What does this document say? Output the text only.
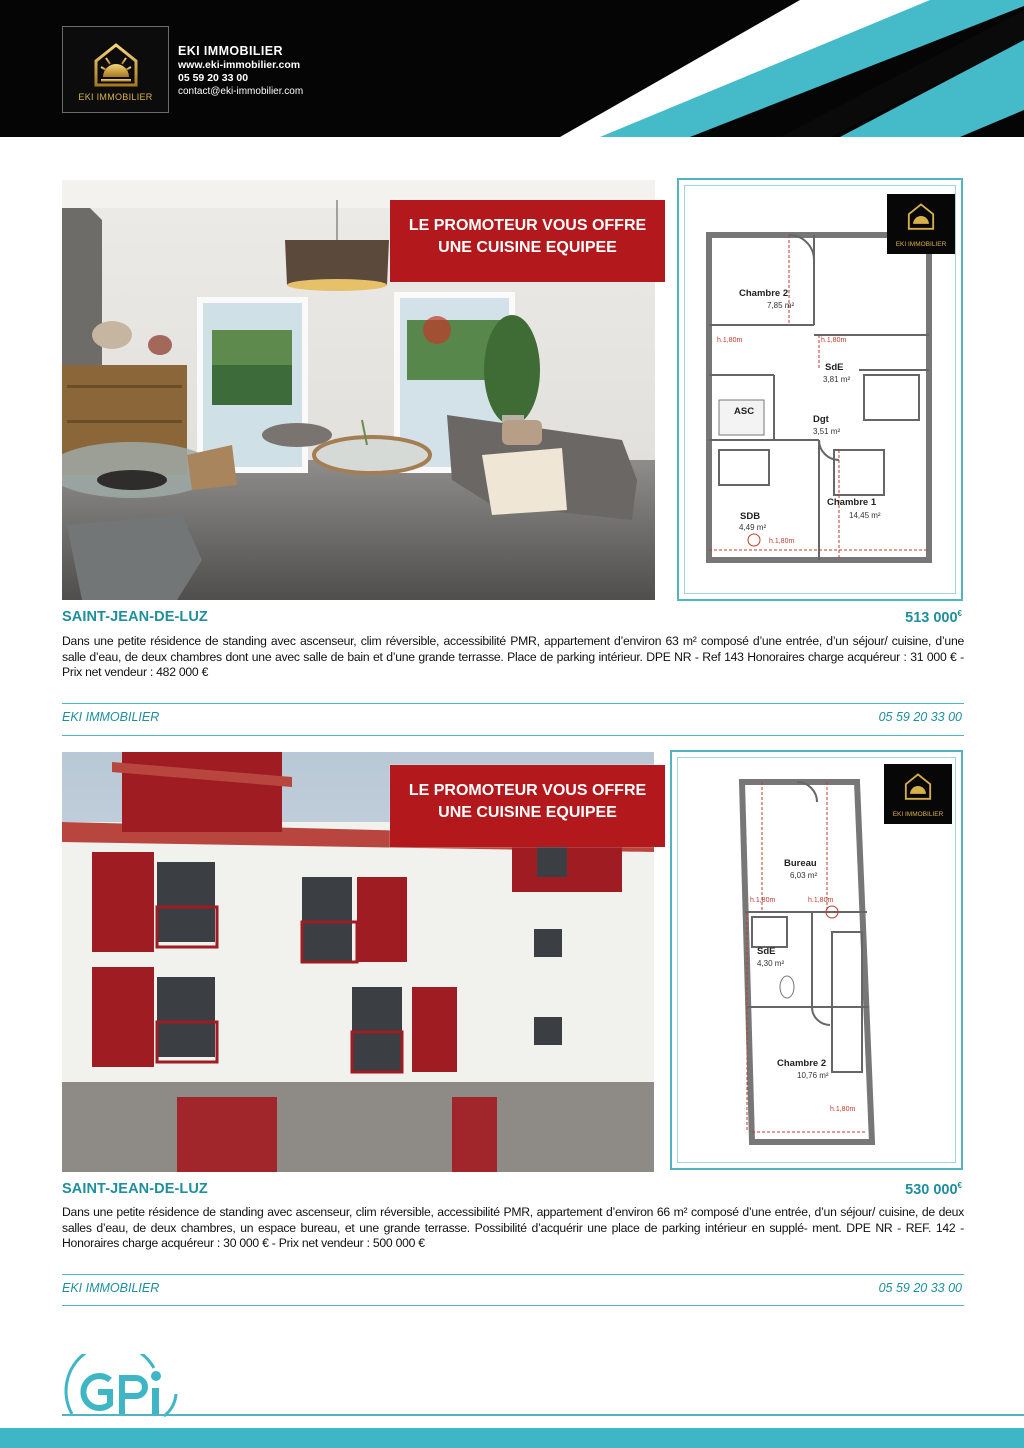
EKI IMMOBILIER
EKI IMMOBILIER
www.eki-immobilier.com
05 59 20 33 00
contact@eki-immobilier.com
LE PROMOTEUR VOUS OFFRE
UNE CUISINE EQUIPEE	EKI IMMOBILIER
Chambre 2
7,85 m²
SdE
3,81 m²
ASC
Dgt
3,51 m²
Chambre 1
14,45 m²
SDB
4,49 m²
h.1,80m	h.1,80m
h.1,80m
SAINT-JEAN-DE-LUZ	513 000€
Dans une petite résidence de standing avec ascenseur, clim réversible, accessibilité PMR, appartement d’environ 63 m² composé d’une entrée, d’un séjour/ cuisine, d’une salle d’eau, de deux chambres dont une avec salle de bain et d’une grande terrasse. Place de parking intérieur. DPE NR - Ref 143 Honoraires charge acquéreur : 31 000 € - Prix net vendeur : 482 000 €
EKI IMMOBILIER	05 59 20 33 00
LE PROMOTEUR VOUS OFFRE
UNE CUISINE EQUIPEE	EKI IMMOBILIER
Bureau
6,03 m²
SdE
4,30 m²
Chambre 2
10,76 m²
h.1,80m	h.1,80m
h.1,80m
SAINT-JEAN-DE-LUZ	530 000€
Dans une petite résidence de standing avec ascenseur, clim réversible, accessibilité PMR, appartement d’environ 66 m² composé d’une entrée, d’un séjour/ cuisine, de deux salles d’eau, de deux chambres, un espace bureau, et une grande terrasse. Possibilité d’acquérir une place de parking intérieur en supplé- ment. DPE NR - REF. 142 - Honoraires charge acquéreur : 30 000 € - Prix net vendeur : 500 000 €
EKI IMMOBILIER	05 59 20 33 00
